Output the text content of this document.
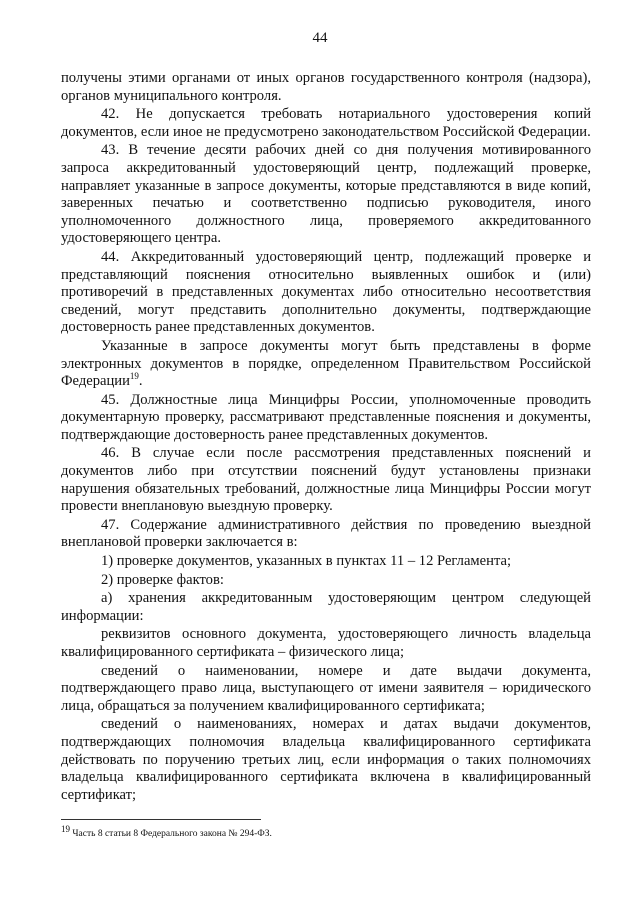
44

получены этими органами от иных органов государственного контроля (надзора), органов муниципального контроля.

42. Не допускается требовать нотариального удостоверения копий документов, если иное не предусмотрено законодательством Российской Федерации.

43. В течение десяти рабочих дней со дня получения мотивированного запроса аккредитованный удостоверяющий центр, подлежащий проверке, направляет указанные в запросе документы, которые представляются в виде копий, заверенных печатью и соответственно подписью руководителя, иного уполномоченного должностного лица, проверяемого аккредитованного удостоверяющего центра.

44. Аккредитованный удостоверяющий центр, подлежащий проверке и представляющий пояснения относительно выявленных ошибок и (или) противоречий в представленных документах либо относительно несоответствия сведений, могут представить дополнительно документы, подтверждающие достоверность ранее представленных документов.

Указанные в запросе документы могут быть представлены в форме электронных документов в порядке, определенном Правительством Российской Федерации$^{19}$.

45. Должностные лица Минцифры России, уполномоченные проводить документарную проверку, рассматривают представленные пояснения и документы, подтверждающие достоверность ранее представленных документов.

46. В случае если после рассмотрения представленных пояснений и документов либо при отсутствии пояснений будут установлены признаки нарушения обязательных требований, должностные лица Минцифры России могут провести внеплановую выездную проверку.

47. Содержание административного действия по проведению выездной внеплановой проверки заключается в:

1) проверке документов, указанных в пунктах 11 – 12 Регламента;

2) проверке фактов:

а) хранения аккредитованным удостоверяющим центром следующей информации:

реквизитов основного документа, удостоверяющего личность владельца квалифицированного сертификата – физического лица;

сведений о наименовании, номере и дате выдачи документа, подтверждающего право лица, выступающего от имени заявителя – юридического лица, обращаться за получением квалифицированного сертификата;

сведений о наименованиях, номерах и датах выдачи документов, подтверждающих полномочия владельца квалифицированного сертификата действовать по поручению третьих лиц, если информация о таких полномочиях владельца квалифицированного сертификата включена в квалифицированный сертификат;

$^{19}$ Часть 8 статьи 8 Федерального закона № 294-ФЗ.
